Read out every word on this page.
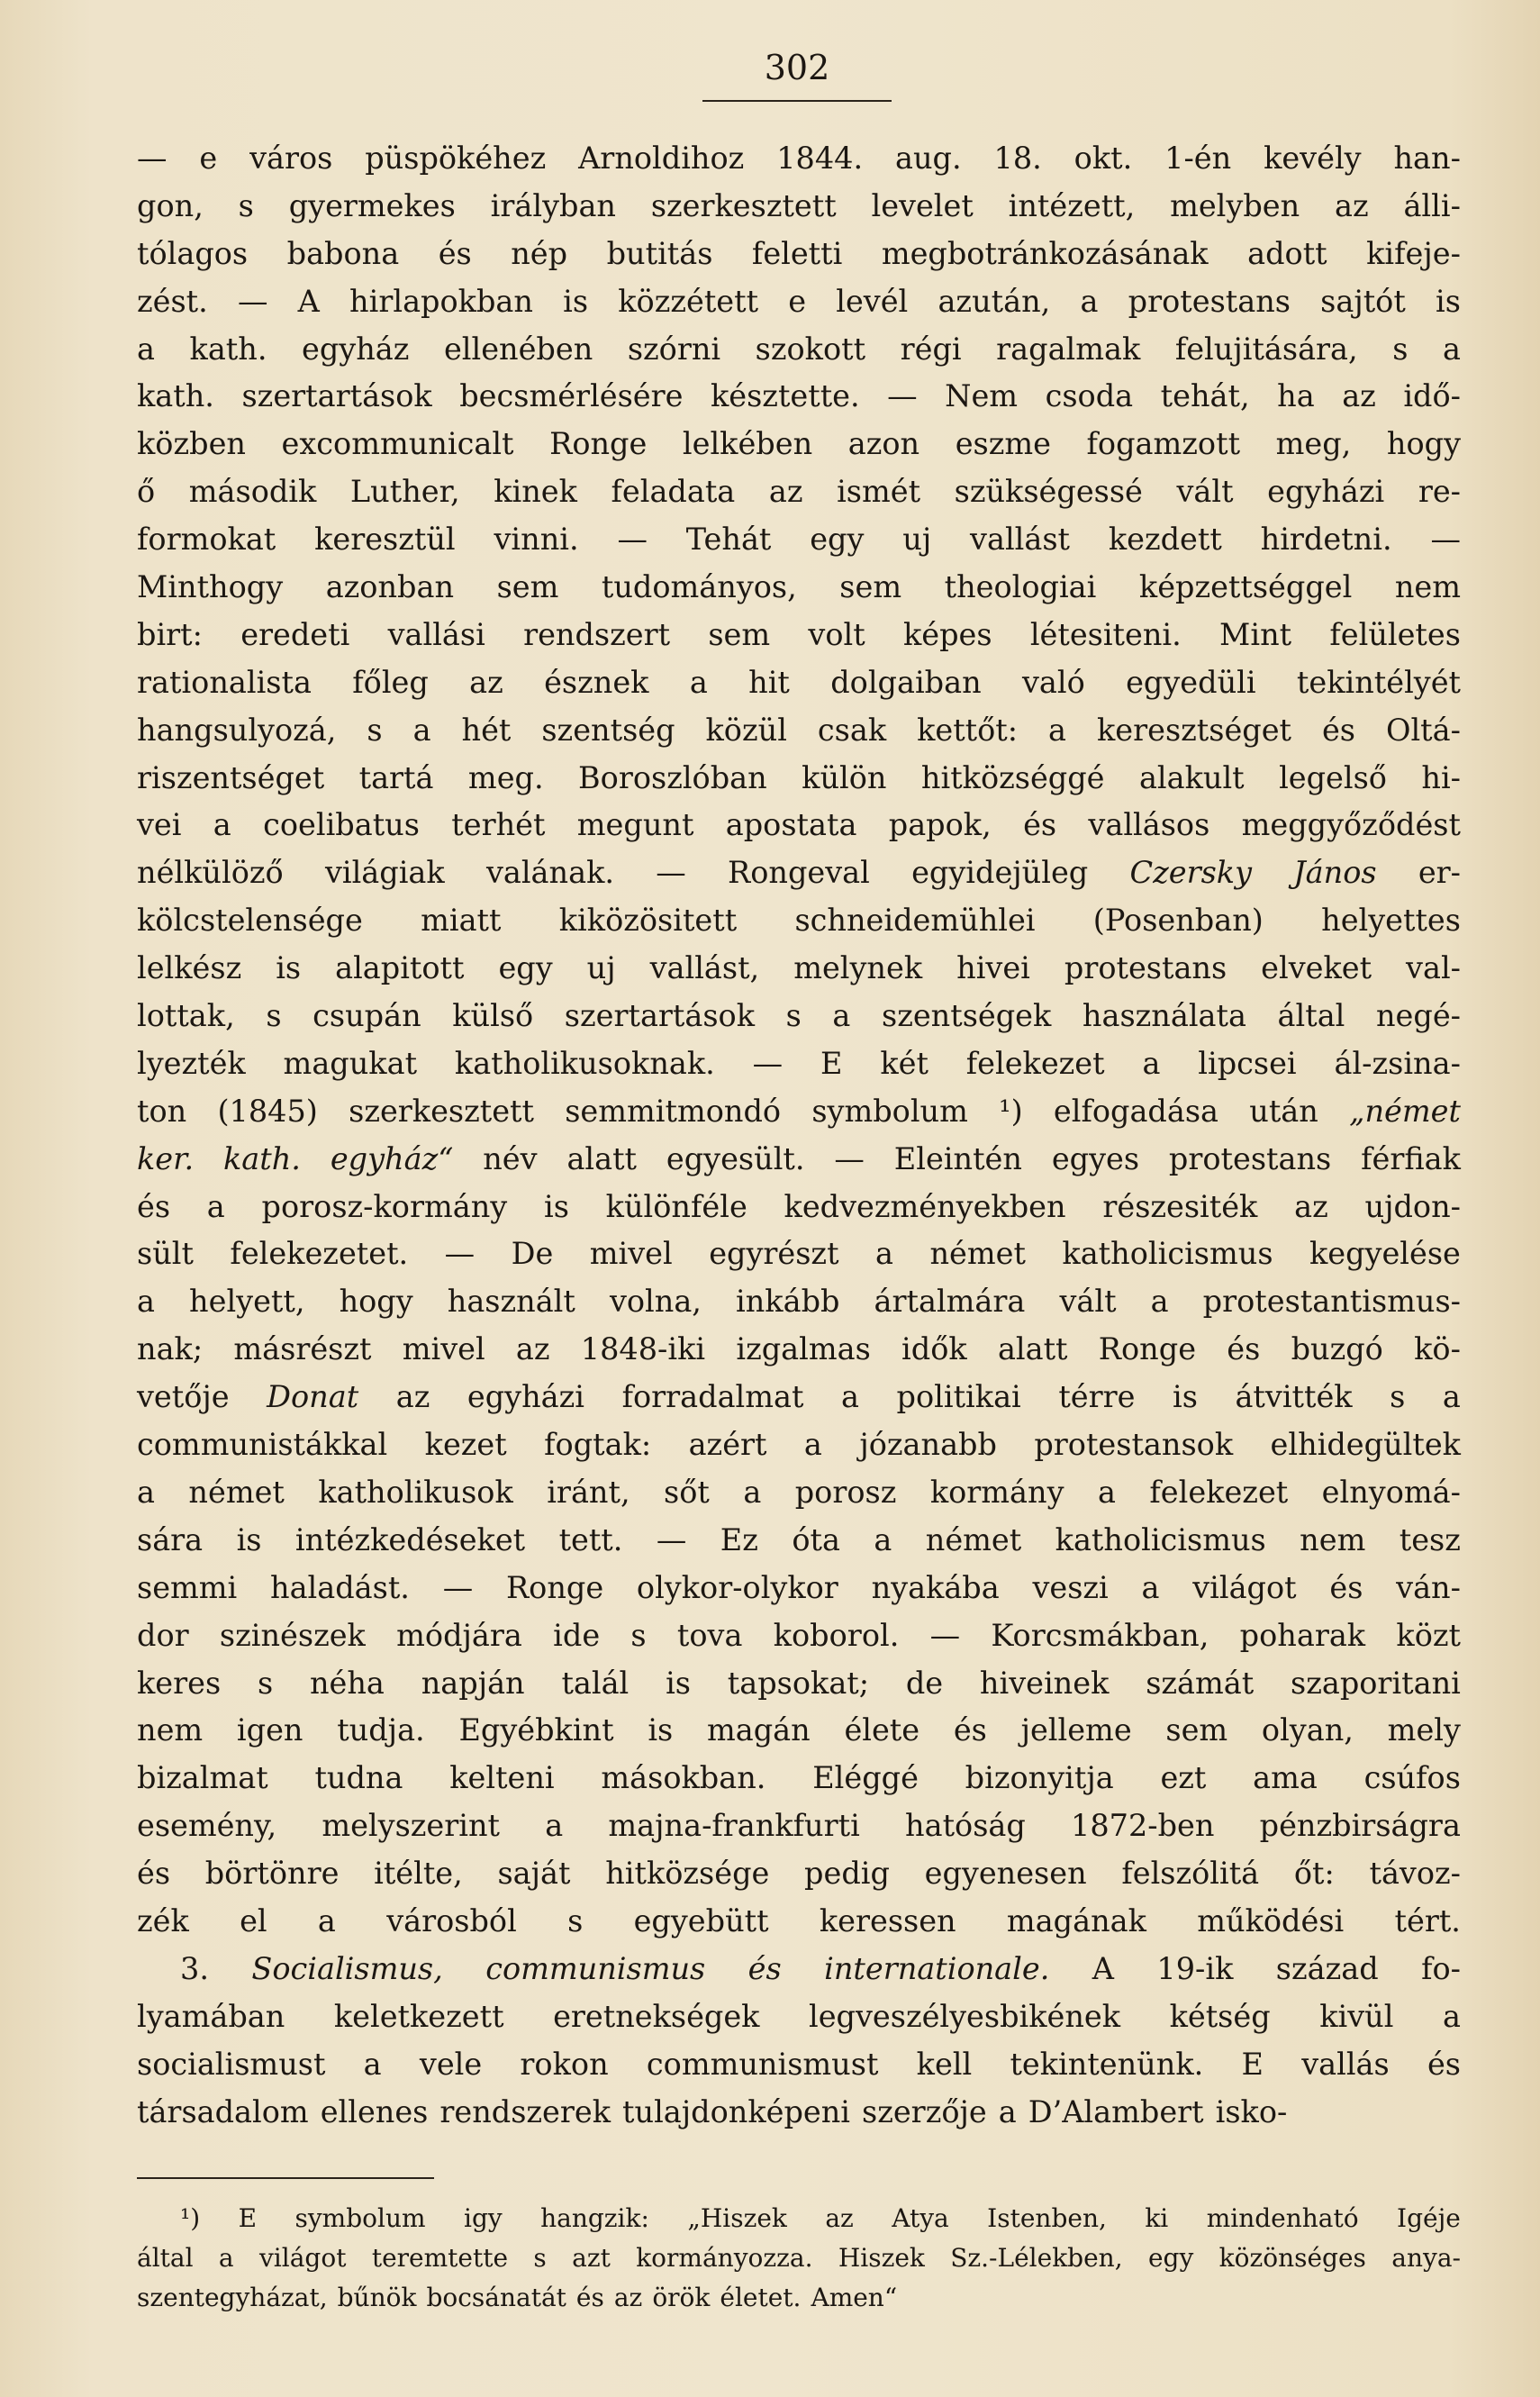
302
— e város püspökéhez Arnoldihoz 1844. aug. 18. okt. 1-én kevély han-
gon, s gyermekes irályban szerkesztett levelet intézett, melyben az álli-
tólagos babona és nép butitás feletti megbotránkozásának adott kifeje-
zést. — A hirlapokban is közzétett e levél azután, a protestans sajtót is
a kath. egyház ellenében szórni szokott régi ragalmak felujitására, s a
kath. szertartások becsmérlésére késztette. — Nem csoda tehát, ha az idő-
közben excommunicalt Ronge lelkében azon eszme fogamzott meg, hogy
ő második Luther, kinek feladata az ismét szükségessé vált egyházi re-
formokat keresztül vinni. — Tehát egy uj vallást kezdett hirdetni. —
Minthogy azonban sem tudományos, sem theologiai képzettséggel nem
birt: eredeti vallási rendszert sem volt képes létesiteni. Mint felületes
rationalista főleg az észnek a hit dolgaiban való egyedüli tekintélyét
hangsulyozá, s a hét szentség közül csak kettőt: a keresztséget és Oltá-
riszentséget tartá meg. Boroszlóban külön hitközséggé alakult legelső hi-
vei a coelibatus terhét megunt apostata papok, és vallásos meggyőződést
nélkülöző világiak valának. — Rongeval egyidejüleg Czersky János er-
kölcstelensége miatt kiközösitett schneidemühlei (Posenban) helyettes
lelkész is alapitott egy uj vallást, melynek hivei protestans elveket val-
lottak, s csupán külső szertartások s a szentségek használata által negé-
lyezték magukat katholikusoknak. — E két felekezet a lipcsei ál-zsina-
ton (1845) szerkesztett semmitmondó symbolum ¹) elfogadása után „német
ker. kath. egyház“ név alatt egyesült. — Eleintén egyes protestans férfiak
és a porosz-kormány is különféle kedvezményekben részesiték az ujdon-
sült felekezetet. — De mivel egyrészt a német katholicismus kegyelése
a helyett, hogy használt volna, inkább ártalmára vált a protestantismus-
nak; másrészt mivel az 1848-iki izgalmas idők alatt Ronge és buzgó kö-
vetője Donat az egyházi forradalmat a politikai térre is átvitték s a
communistákkal kezet fogtak: azért a józanabb protestansok elhidegültek
a német katholikusok iránt, sőt a porosz kormány a felekezet elnyomá-
sára is intézkedéseket tett. — Ez óta a német katholicismus nem tesz
semmi haladást. — Ronge olykor-olykor nyakába veszi a világot és ván-
dor szinészek módjára ide s tova koborol. — Korcsmákban, poharak közt
keres s néha napján talál is tapsokat; de hiveinek számát szaporitani
nem igen tudja. Egyébkint is magán élete és jelleme sem olyan, mely
bizalmat tudna kelteni másokban. Eléggé bizonyitja ezt ama csúfos
esemény, melyszerint a majna-frankfurti hatóság 1872-ben pénzbirságra
és börtönre itélte, saját hitközsége pedig egyenesen felszólitá őt: távoz-
zék el a városból s egyebütt keressen magának működési tért.
3. Socialismus, communismus és internationale. A 19-ik század fo-
lyamában keletkezett eretnekségek legveszélyesbikének kétség kivül a
socialismust a vele rokon communismust kell tekintenünk. E vallás és
társadalom ellenes rendszerek tulajdonképeni szerzője a D’Alambert isko-
¹) E symbolum igy hangzik: „Hiszek az Atya Istenben, ki mindenható Igéje
által a világot teremtette s azt kormányozza. Hiszek Sz.-Lélekben, egy közönséges anya-
szentegyházat, bűnök bocsánatát és az örök életet. Amen“
